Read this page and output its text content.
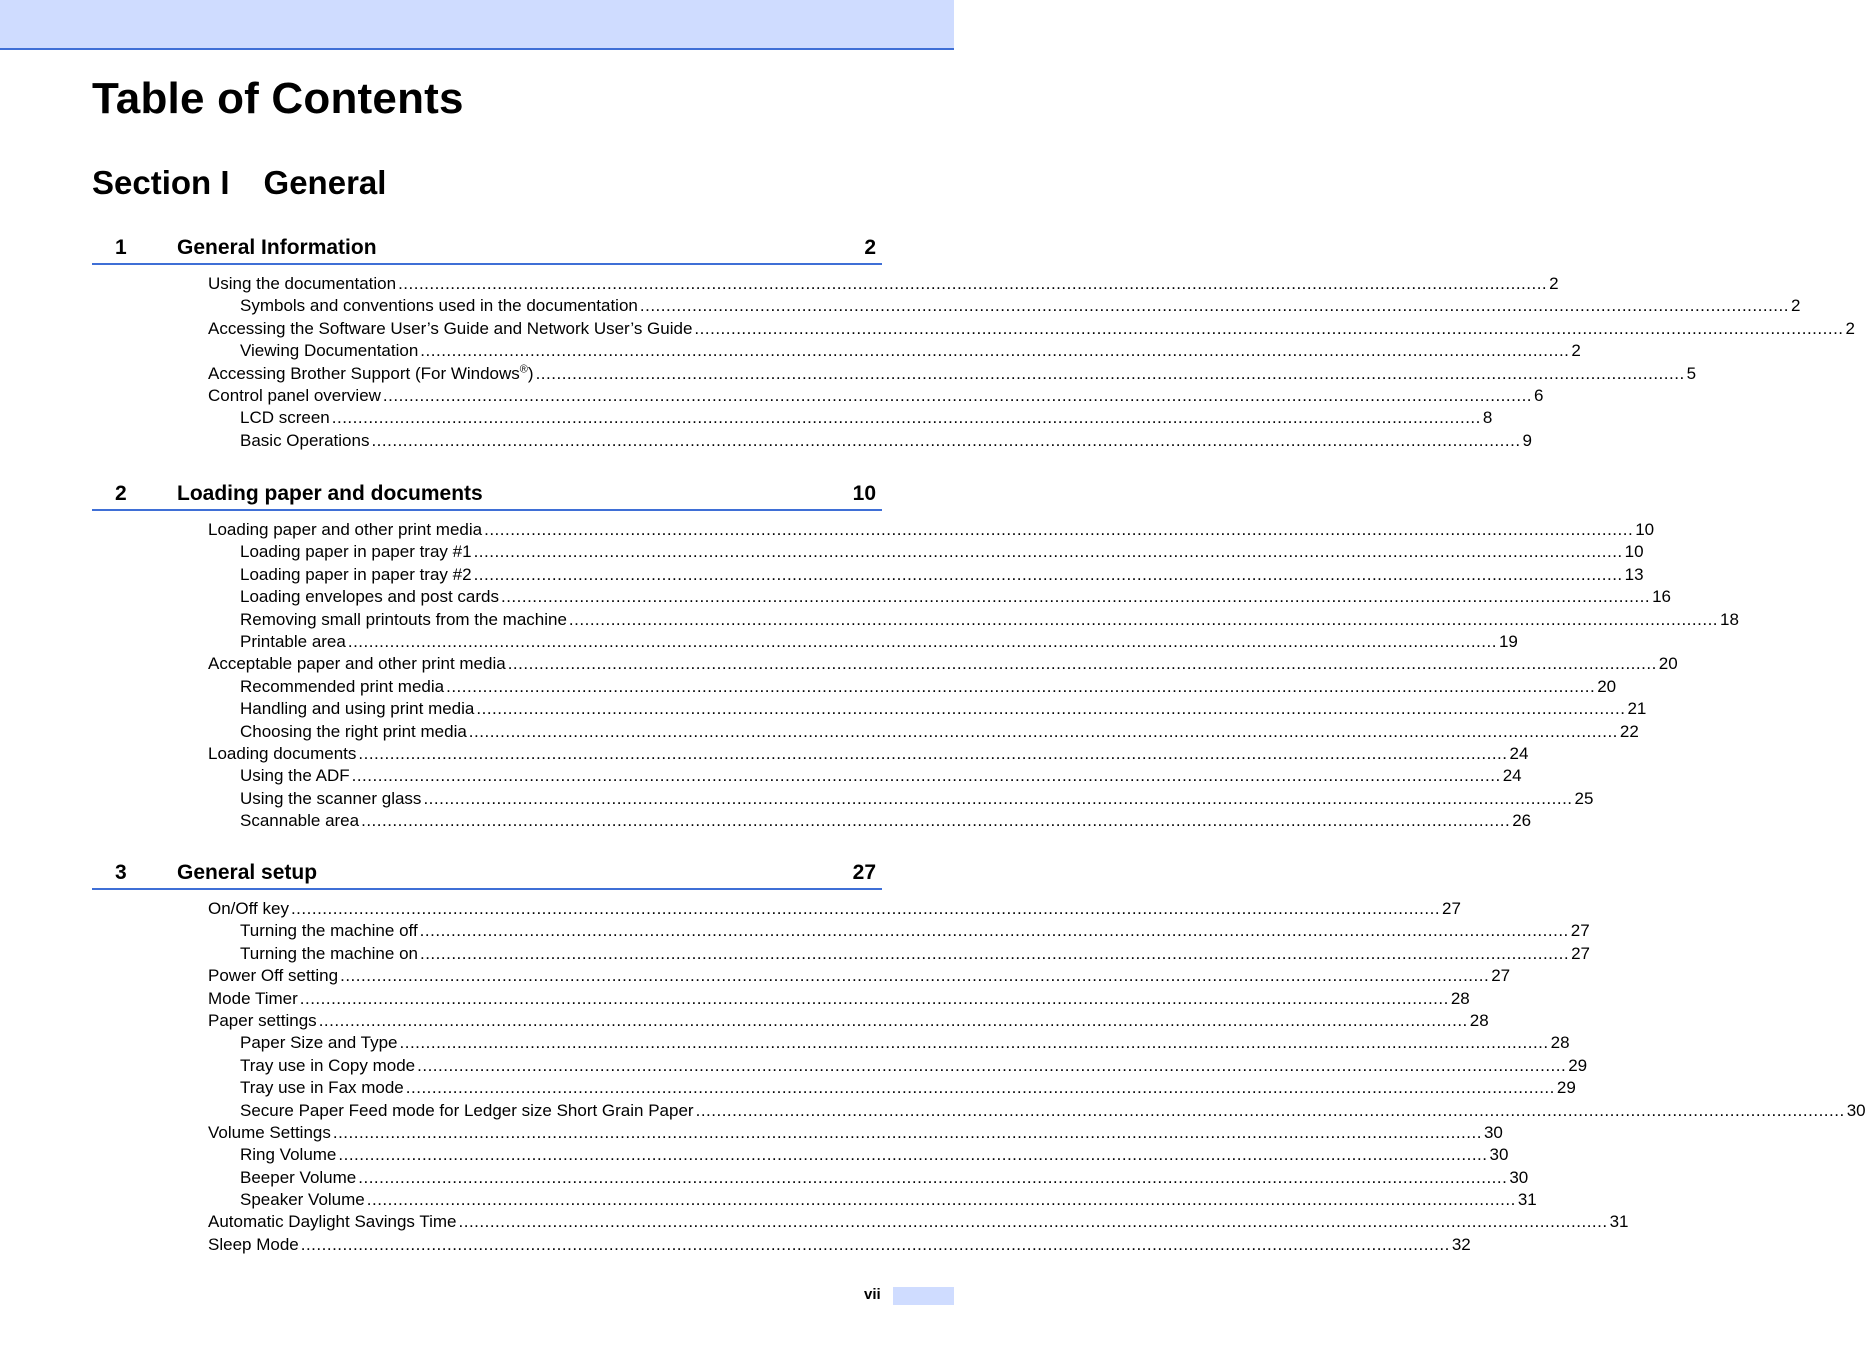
Table of Contents
Section I General
1 General Information	2
Using the documentation ............................................................................................................................................................................................................................ 2
Symbols and conventions used in the documentation ............................................................................................................................................................................................................................ 2
Accessing the Software User’s Guide and Network User’s Guide ............................................................................................................................................................................................................................ 2
Viewing Documentation ............................................................................................................................................................................................................................ 2
Accessing Brother Support (For Windows®) ............................................................................................................................................................................................................................ 5
Control panel overview ............................................................................................................................................................................................................................ 6
LCD screen ............................................................................................................................................................................................................................ 8
Basic Operations ............................................................................................................................................................................................................................ 9
2 Loading paper and documents	10
Loading paper and other print media ............................................................................................................................................................................................................................ 10
Loading paper in paper tray #1 ............................................................................................................................................................................................................................ 10
Loading paper in paper tray #2 ............................................................................................................................................................................................................................ 13
Loading envelopes and post cards ............................................................................................................................................................................................................................ 16
Removing small printouts from the machine ............................................................................................................................................................................................................................ 18
Printable area ............................................................................................................................................................................................................................ 19
Acceptable paper and other print media ............................................................................................................................................................................................................................ 20
Recommended print media ............................................................................................................................................................................................................................ 20
Handling and using print media ............................................................................................................................................................................................................................ 21
Choosing the right print media ............................................................................................................................................................................................................................ 22
Loading documents ............................................................................................................................................................................................................................ 24
Using the ADF ............................................................................................................................................................................................................................ 24
Using the scanner glass ............................................................................................................................................................................................................................ 25
Scannable area ............................................................................................................................................................................................................................ 26
3 General setup	27
On/Off key ............................................................................................................................................................................................................................ 27
Turning the machine off ............................................................................................................................................................................................................................ 27
Turning the machine on ............................................................................................................................................................................................................................ 27
Power Off setting ............................................................................................................................................................................................................................ 27
Mode Timer ............................................................................................................................................................................................................................ 28
Paper settings ............................................................................................................................................................................................................................ 28
Paper Size and Type ............................................................................................................................................................................................................................ 28
Tray use in Copy mode ............................................................................................................................................................................................................................ 29
Tray use in Fax mode ............................................................................................................................................................................................................................ 29
Secure Paper Feed mode for Ledger size Short Grain Paper ............................................................................................................................................................................................................................ 30
Volume Settings ............................................................................................................................................................................................................................ 30
Ring Volume ............................................................................................................................................................................................................................ 30
Beeper Volume ............................................................................................................................................................................................................................ 30
Speaker Volume ............................................................................................................................................................................................................................ 31
Automatic Daylight Savings Time ............................................................................................................................................................................................................................ 31
Sleep Mode ............................................................................................................................................................................................................................ 32
vii
